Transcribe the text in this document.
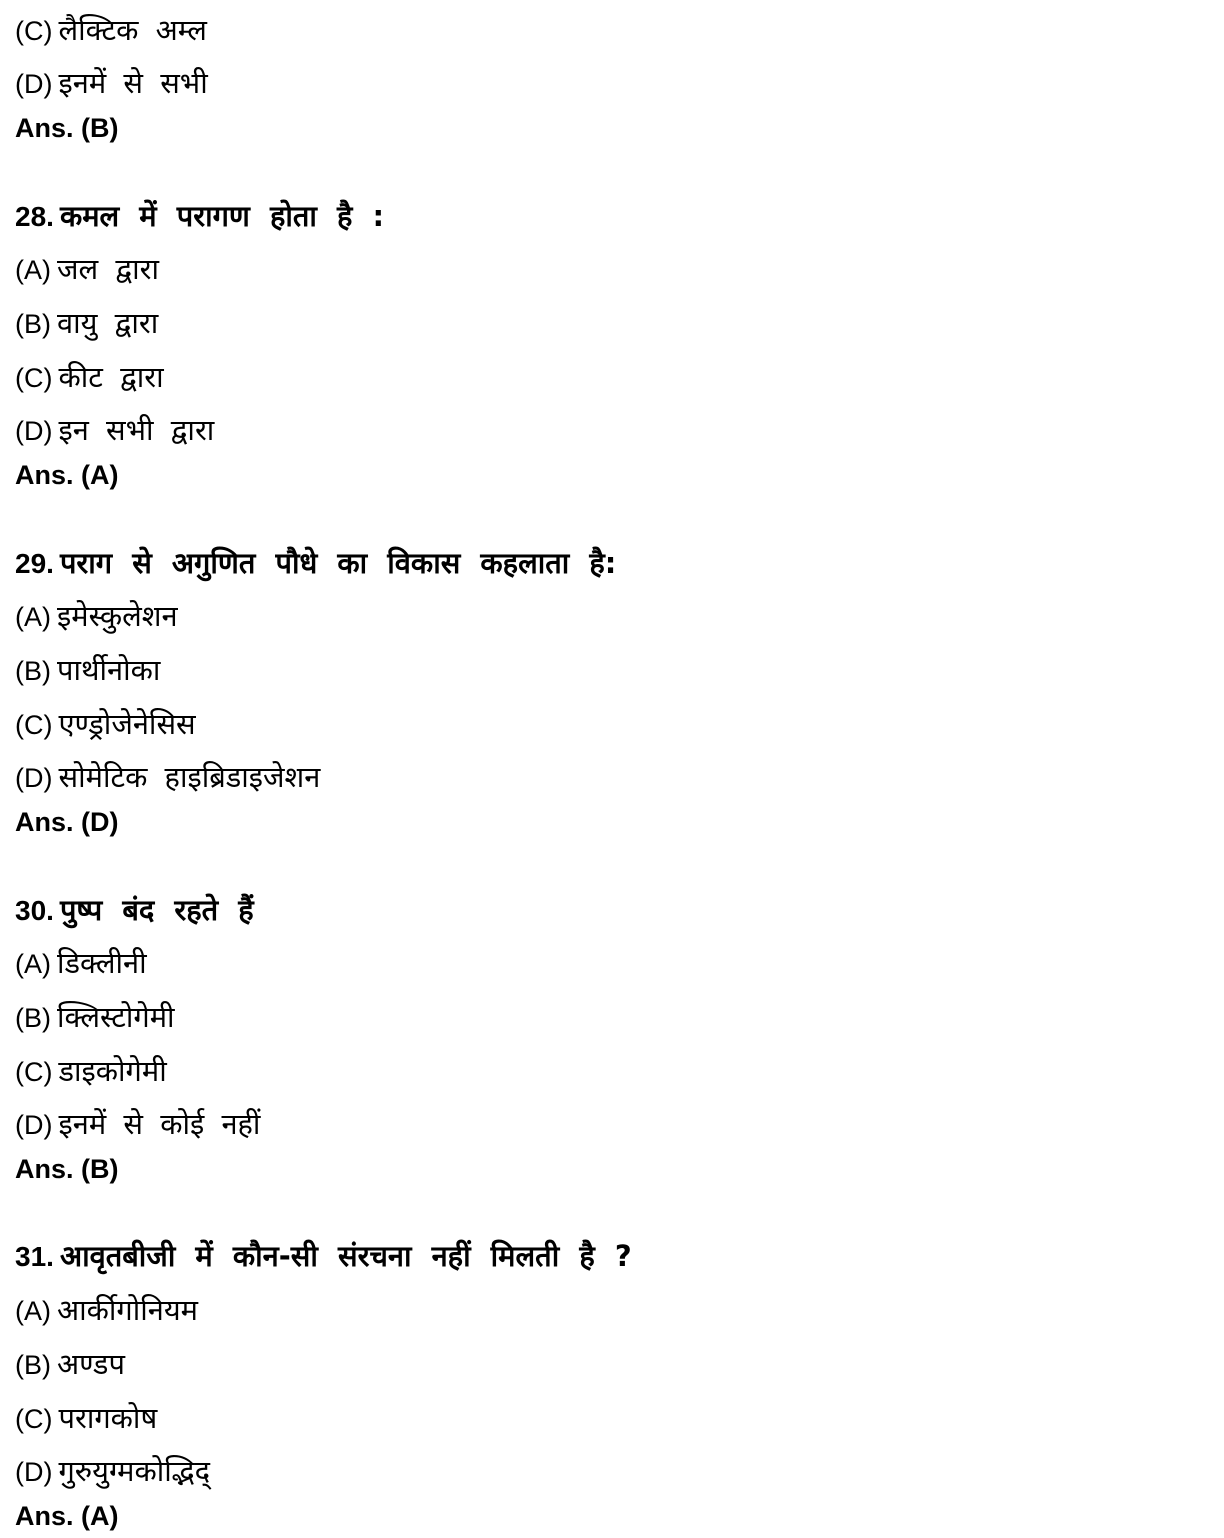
(C) लैक्टिक अम्ल
(D) इनमें से सभी
Ans. (B)
28. कमल में परागण होता है :
(A) जल द्वारा
(B) वायु द्वारा
(C) कीट द्वारा
(D) इन सभी द्वारा
Ans. (A)
29. पराग से अगुणित पौधे का विकास कहलाता है:
(A) इमेस्कुलेशन
(B) पार्थीनोका
(C) एण्ड्रोजेनेसिस
(D) सोमेटिक हाइब्रिडाइजेशन
Ans. (D)
30. पुष्प बंद रहते हैं
(A) डिक्लीनी
(B) क्लिस्टोगेमी
(C) डाइकोगेमी
(D) इनमें से कोई नहीं
Ans. (B)
31. आवृतबीजी में कौन-सी संरचना नहीं मिलती है ?
(A) आर्कीगोनियम
(B) अण्डप
(C) परागकोष
(D) गुरुयुग्मकोद्भिद्
Ans. (A)
